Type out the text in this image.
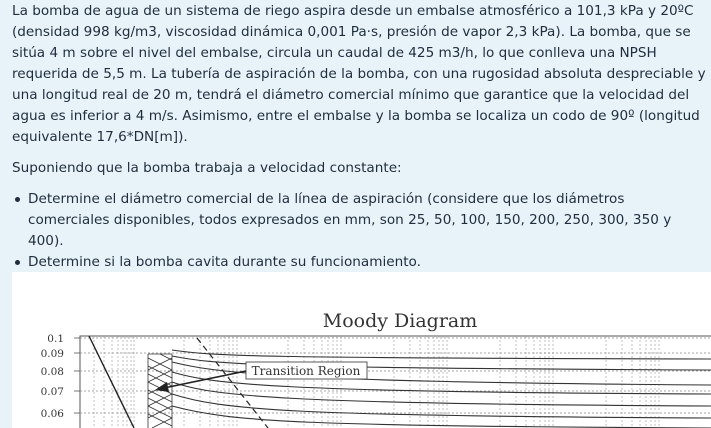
La bomba de agua de un sistema de riego aspira desde un embalse atmosférico a 101,3 kPa y 20ºC (densidad 998 kg/m3, viscosidad dinámica 0,001 Pa·s, presión de vapor 2,3 kPa). La bomba, que se sitúa 4 m sobre el nivel del embalse, circula un caudal de 425 m3/h, lo que conlleva una NPSH requerida de 5,5 m. La tubería de aspiración de la bomba, con una rugosidad absoluta despreciable y una longitud real de 20 m, tendrá el diámetro comercial mínimo que garantice que la velocidad del agua es inferior a 4 m/s. Asimismo, entre el embalse y la bomba se localiza un codo de 90º (longitud equivalente 17,6*DN[m]).

Suponiendo que la bomba trabaja a velocidad constante:

Determine el diámetro comercial de la línea de aspiración (considere que los diámetros comerciales disponibles, todos expresados en mm, son 25, 50, 100, 150, 200, 250, 300, 350 y 400).
Determine si la bomba cavita durante su funcionamiento.
Moody Diagram
Transition Region
0.1
0.09
0.08
0.07
0.06
